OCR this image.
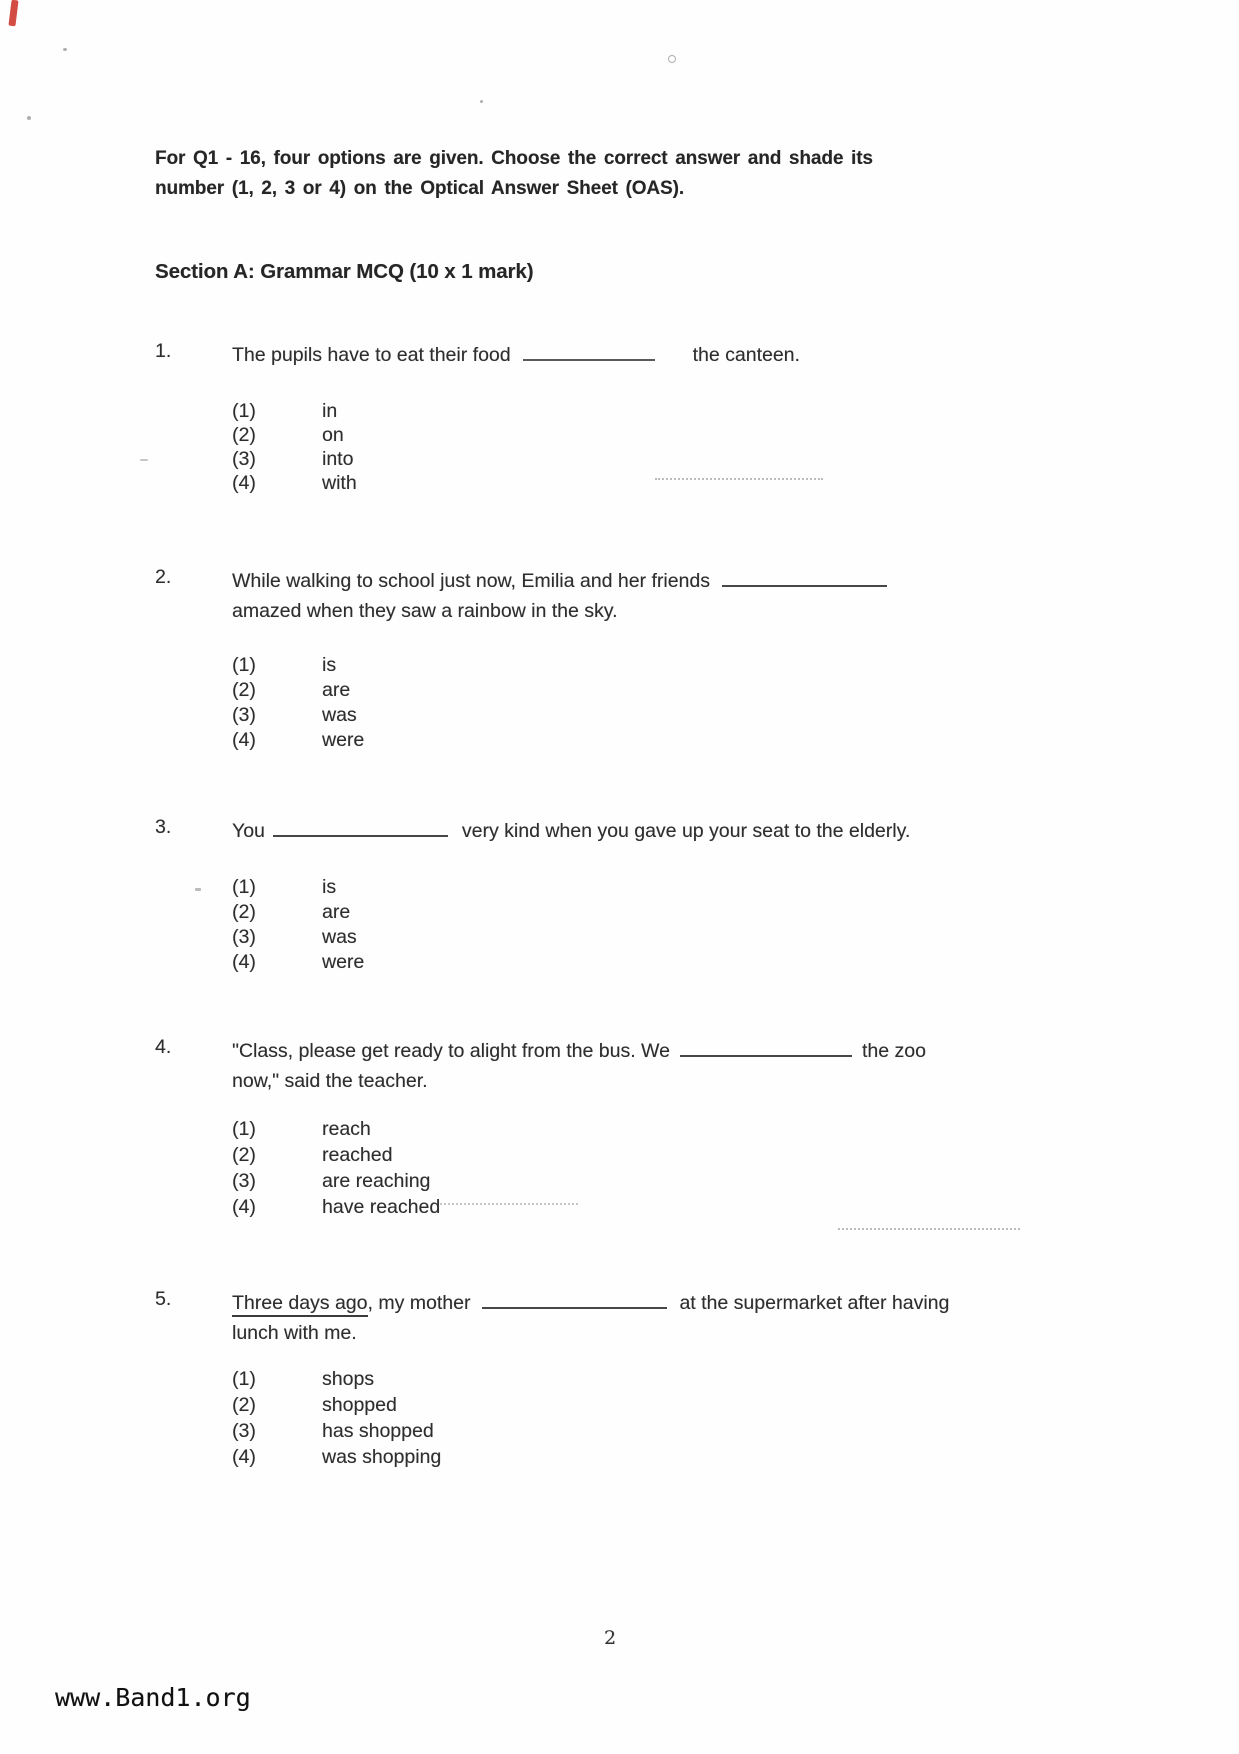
For Q1 - 16, four options are given. Choose the correct answer and shade its
number (1, 2, 3 or 4) on the Optical Answer Sheet (OAS).
Section A: Grammar MCQ (10 x 1 mark)
1.	The pupils have to eat their food	the canteen.
(1)	in
(2)	on
(3)	into
(4)	with
2.	While walking to school just now, Emilia and her friends
amazed when they saw a rainbow in the sky.
(1)	is
(2)	are
(3)	was
(4)	were
3.	You	very kind when you gave up your seat to the elderly.
(1)	is
(2)	are
(3)	was
(4)	were
4.	"Class, please get ready to alight from the bus. We	the zoo
now," said the teacher.
(1)	reach
(2)	reached
(3)	are reaching
(4)	have reached
5.	Three days ago, my mother	at the supermarket after having
lunch with me.
(1)	shops
(2)	shopped
(3)	has shopped
(4)	was shopping
2
www.Band1.org
